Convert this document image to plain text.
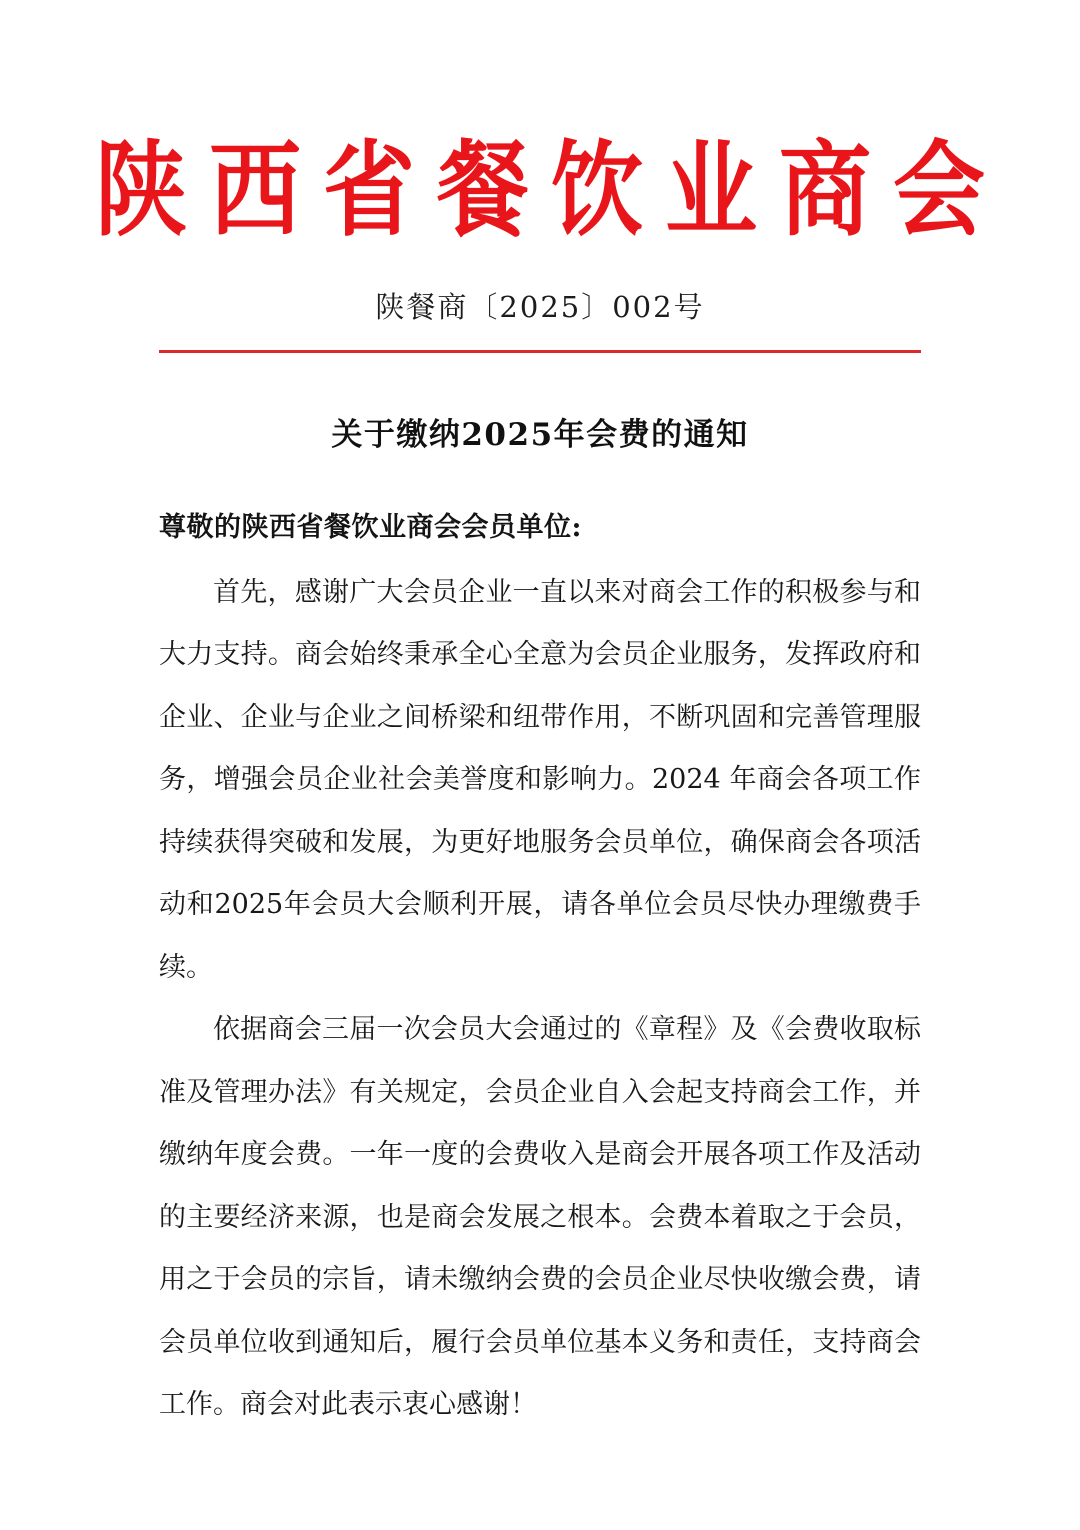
陕西省餐饮业商会
陕餐商〔2025〕002号
关于缴纳2025年会费的通知
尊敬的陕西省餐饮业商会会员单位:

首先，感谢广大会员企业一直以来对商会工作的积极参与和大力支持。商会始终秉承全心全意为会员企业服务，发挥政府和企业、企业与企业之间桥梁和纽带作用，不断巩固和完善管理服务，增强会员企业社会美誉度和影响力。2024 年商会各项工作持续获得突破和发展，为更好地服务会员单位，确保商会各项活动和2025年会员大会顺利开展，请各单位会员尽快办理缴费手续。

依据商会三届一次会员大会通过的《章程》及《会费收取标准及管理办法》有关规定，会员企业自入会起支持商会工作，并缴纳年度会费。一年一度的会费收入是商会开展各项工作及活动的主要经济来源，也是商会发展之根本。会费本着取之于会员，用之于会员的宗旨，请未缴纳会费的会员企业尽快收缴会费，请会员单位收到通知后，履行会员单位基本义务和责任，支持商会工作。商会对此表示衷心感谢！
